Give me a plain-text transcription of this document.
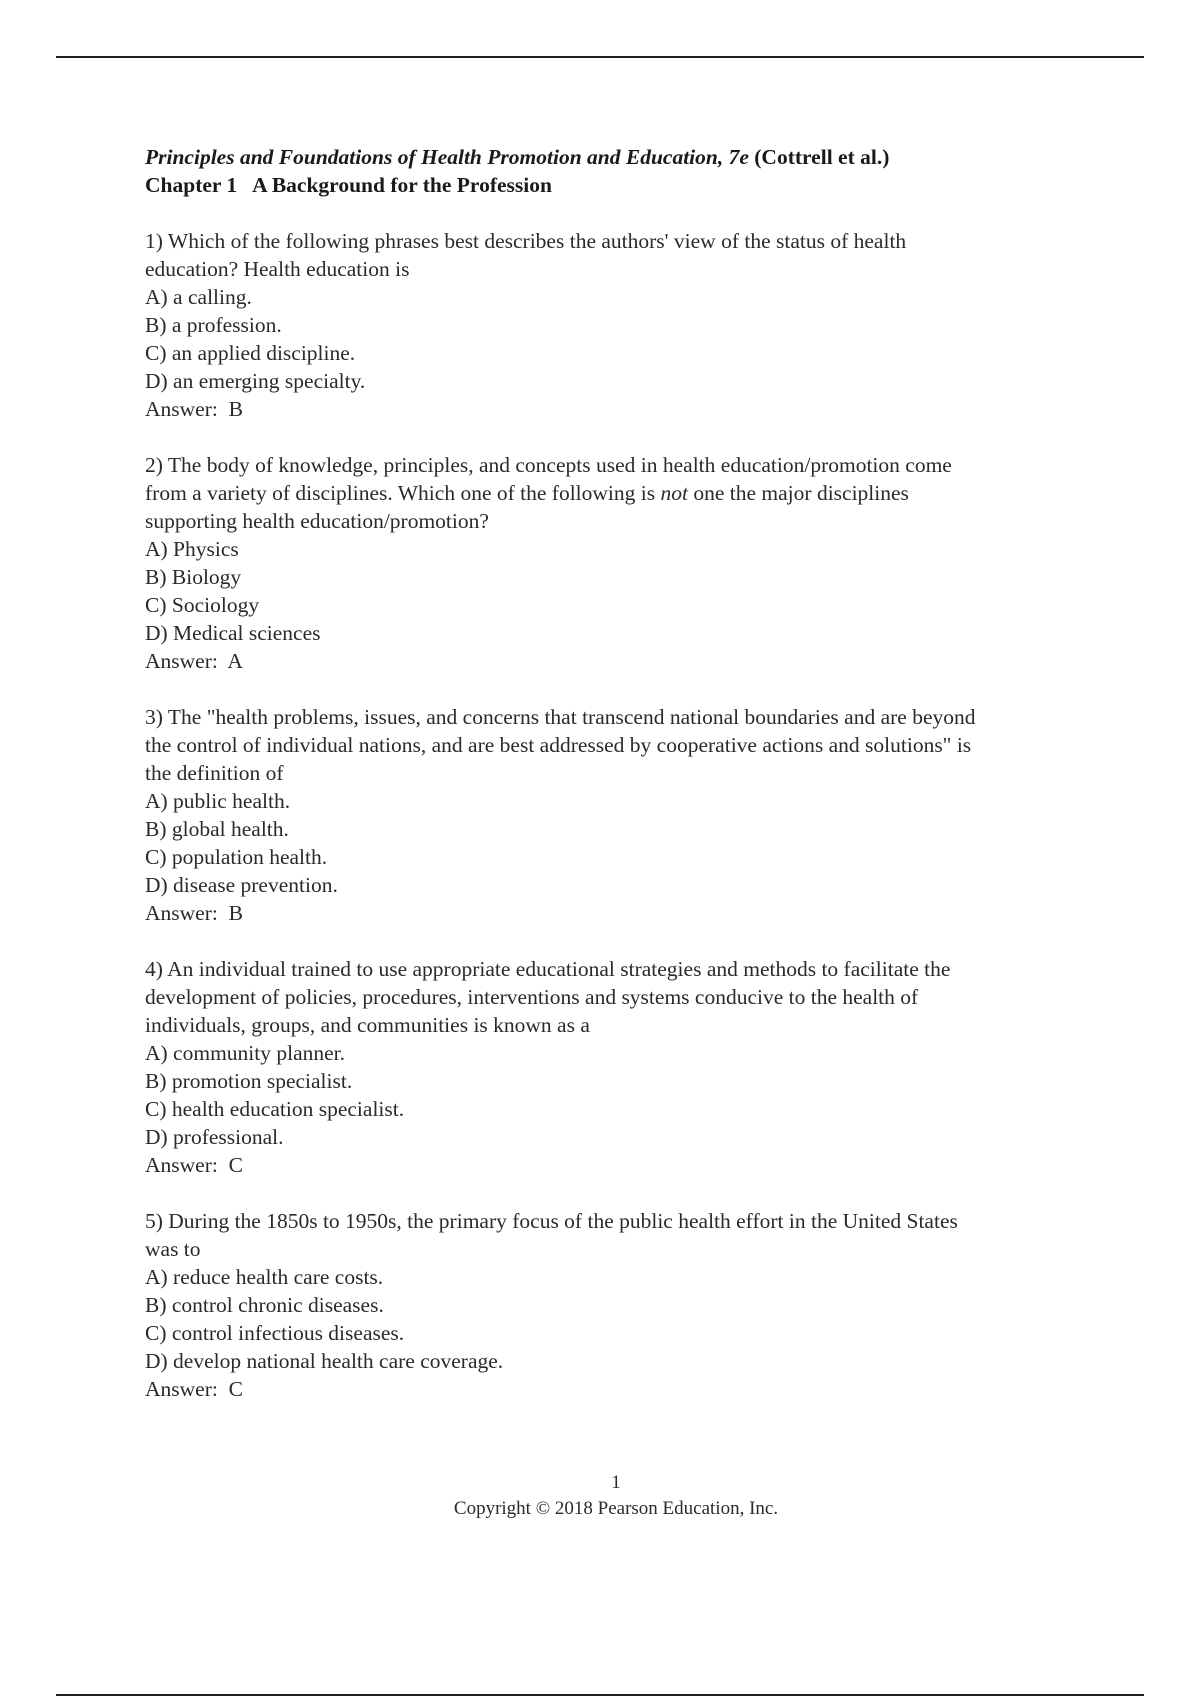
Principles and Foundations of Health Promotion and Education, 7e (Cottrell et al.)
Chapter 1   A Background for the Profession
1) Which of the following phrases best describes the authors' view of the status of health
education? Health education is
A) a calling.
B) a profession.
C) an applied discipline.
D) an emerging specialty.
Answer:  B
2) The body of knowledge, principles, and concepts used in health education/promotion come
from a variety of disciplines. Which one of the following is not one the major disciplines
supporting health education/promotion?
A) Physics
B) Biology
C) Sociology
D) Medical sciences
Answer:  A
3) The "health problems, issues, and concerns that transcend national boundaries and are beyond
the control of individual nations, and are best addressed by cooperative actions and solutions" is
the definition of
A) public health.
B) global health.
C) population health.
D) disease prevention.
Answer:  B
4) An individual trained to use appropriate educational strategies and methods to facilitate the
development of policies, procedures, interventions and systems conducive to the health of
individuals, groups, and communities is known as a
A) community planner.
B) promotion specialist.
C) health education specialist.
D) professional.
Answer:  C
5) During the 1850s to 1950s, the primary focus of the public health effort in the United States
was to
A) reduce health care costs.
B) control chronic diseases.
C) control infectious diseases.
D) develop national health care coverage.
Answer:  C
1
Copyright © 2018 Pearson Education, Inc.
